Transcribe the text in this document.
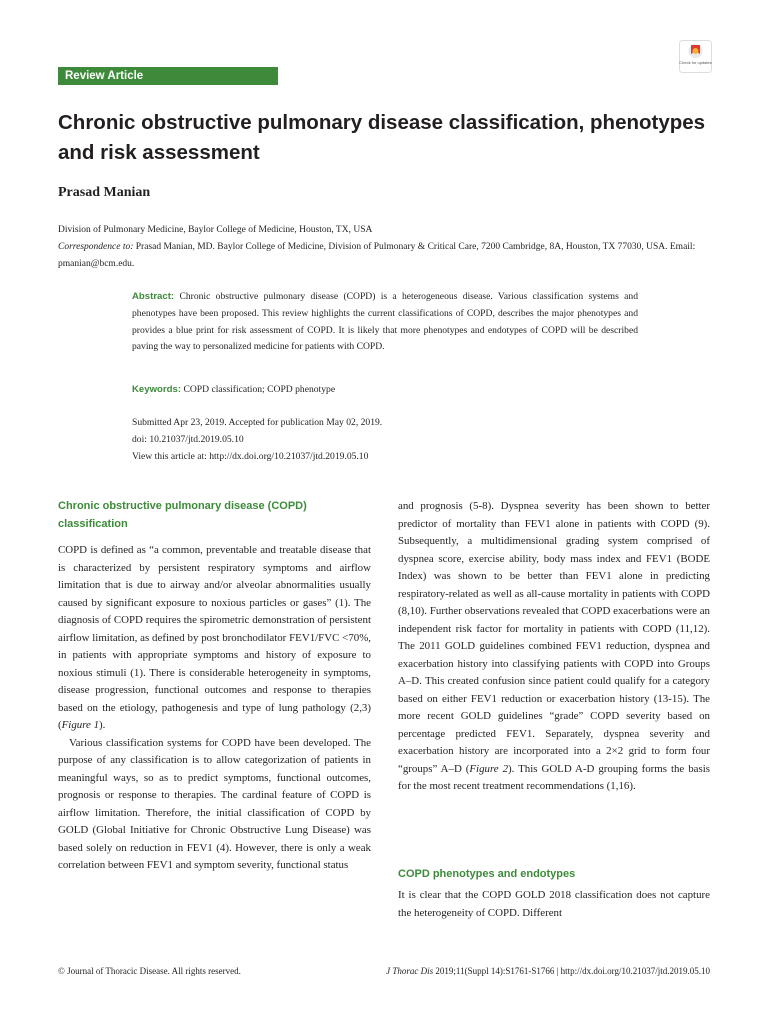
Review Article
Check for updates
Chronic obstructive pulmonary disease classification, phenotypes and risk assessment
Prasad Manian
Division of Pulmonary Medicine, Baylor College of Medicine, Houston, TX, USA
Correspondence to: Prasad Manian, MD. Baylor College of Medicine, Division of Pulmonary & Critical Care, 7200 Cambridge, 8A, Houston, TX 77030, USA. Email: pmanian@bcm.edu.
Abstract: Chronic obstructive pulmonary disease (COPD) is a heterogeneous disease. Various classification systems and phenotypes have been proposed. This review highlights the current classifications of COPD, describes the major phenotypes and provides a blue print for risk assessment of COPD. It is likely that more phenotypes and endotypes of COPD will be described paving the way to personalized medicine for patients with COPD.
Keywords: COPD classification; COPD phenotype
Submitted Apr 23, 2019. Accepted for publication May 02, 2019.
doi: 10.21037/jtd.2019.05.10
View this article at: http://dx.doi.org/10.21037/jtd.2019.05.10
Chronic obstructive pulmonary disease (COPD) classification

COPD is defined as “a common, preventable and treatable disease that is characterized by persistent respiratory symptoms and airflow limitation that is due to airway and/or alveolar abnormalities usually caused by significant exposure to noxious particles or gases” (1). The diagnosis of COPD requires the spirometric demonstration of persistent airflow limitation, as defined by post bronchodilator FEV1/FVC <70%, in patients with appropriate symptoms and history of exposure to noxious stimuli (1). There is considerable heterogeneity in symptoms, disease progression, functional outcomes and response to therapies based on the etiology, pathogenesis and type of lung pathology (2,3) (Figure 1).

Various classification systems for COPD have been developed. The purpose of any classification is to allow categorization of patients in meaningful ways, so as to predict symptoms, functional outcomes, prognosis or response to therapies. The cardinal feature of COPD is airflow limitation. Therefore, the initial classification of COPD by GOLD (Global Initiative for Chronic Obstructive Lung Disease) was based solely on reduction in FEV1 (4). However, there is only a weak correlation between FEV1 and symptom severity, functional status

and prognosis (5-8). Dyspnea severity has been shown to better predictor of mortality than FEV1 alone in patients with COPD (9). Subsequently, a multidimensional grading system comprised of dyspnea score, exercise ability, body mass index and FEV1 (BODE Index) was shown to be better than FEV1 alone in predicting respiratory-related as well as all-cause mortality in patients with COPD (8,10). Further observations revealed that COPD exacerbations were an independent risk factor for mortality in patients with COPD (11,12). The 2011 GOLD guidelines combined FEV1 reduction, dyspnea and exacerbation history into classifying patients with COPD into Groups A–D. This created confusion since patient could qualify for a category based on either FEV1 reduction or exacerbation history (13-15). The more recent GOLD guidelines “grade” COPD severity based on percentage predicted FEV1. Separately, dyspnea severity and exacerbation history are incorporated into a 2×2 grid to form four “groups” A–D (Figure 2). This GOLD A-D grouping forms the basis for the most recent treatment recommendations (1,16).

COPD phenotypes and endotypes

It is clear that the COPD GOLD 2018 classification does not capture the heterogeneity of COPD. Different

© Journal of Thoracic Disease. All rights reserved.	J Thorac Dis 2019;11(Suppl 14):S1761-S1766 | http://dx.doi.org/10.21037/jtd.2019.05.10
